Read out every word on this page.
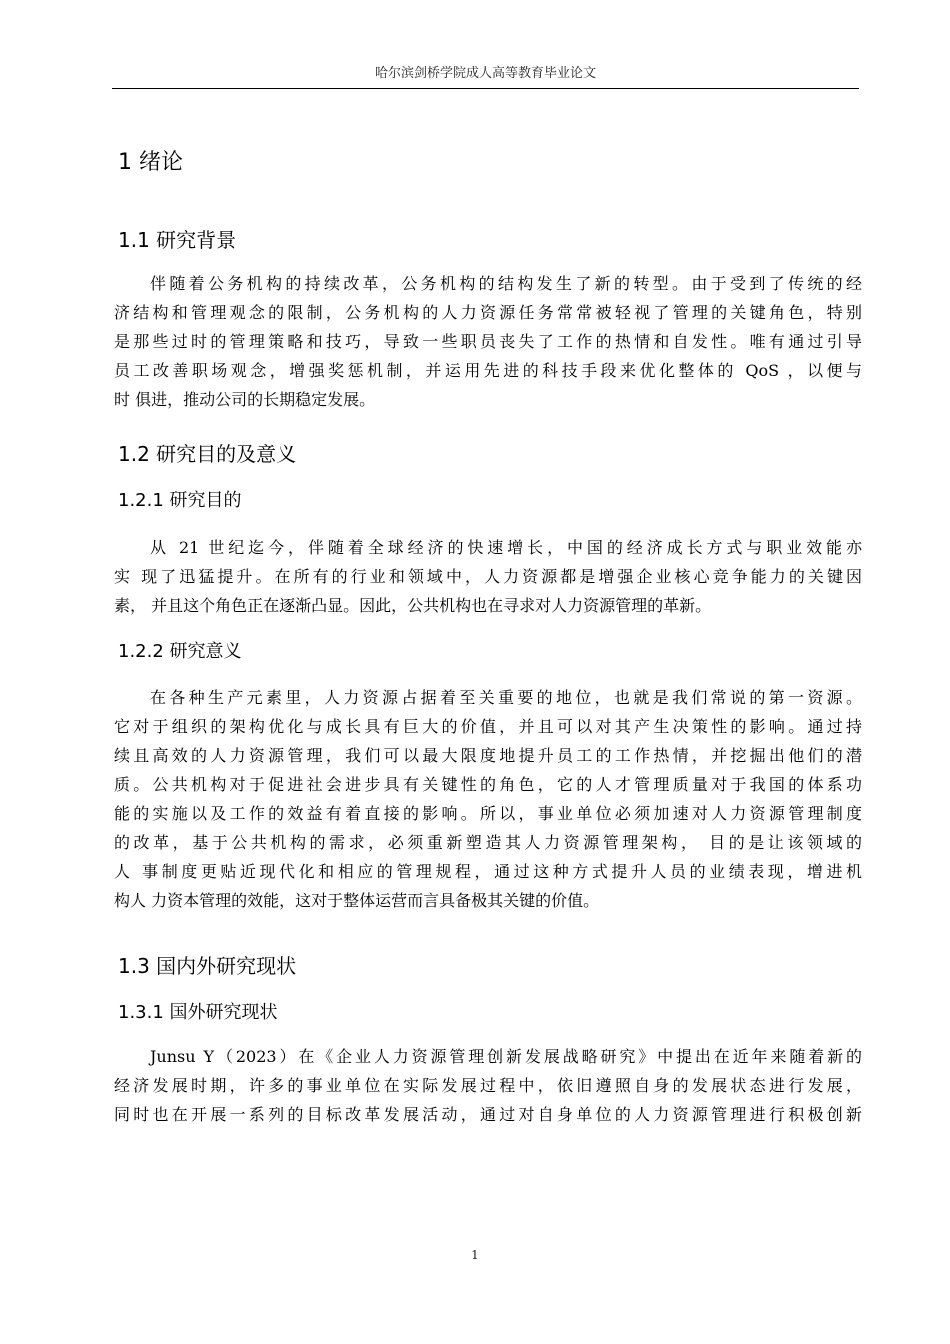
哈尔滨剑桥学院成人高等教育毕业论文
1 绪论
1.1 研究背景
伴随着公务机构的持续改革，公务机构的结构发生了新的转型。由于受到了传统的经
济结构和管理观念的限制，公务机构的人力资源任务常常被轻视了管理的关键角色，特别
是那些过时的管理策略和技巧，导致一些职员丧失了工作的热情和自发性。唯有通过引导
员工改善职场观念，增强奖惩机制，并运用先进的科技手段来优化整体的 QoS ，以便与
时 俱进，推动公司的长期稳定发展。
1.2 研究目的及意义
1.2.1 研究目的
从 21 世纪迄今，伴随着全球经济的快速增长，中国的经济成长方式与职业效能亦
实 现了迅猛提升。在所有的行业和领域中，人力资源都是增强企业核心竞争能力的关键因
素， 并且这个角色正在逐渐凸显。因此，公共机构也在寻求对人力资源管理的革新。
1.2.2 研究意义
在各种生产元素里，人力资源占据着至关重要的地位，也就是我们常说的第一资源。
它对于组织的架构优化与成长具有巨大的价值，并且可以对其产生决策性的影响。通过持
续且高效的人力资源管理，我们可以最大限度地提升员工的工作热情，并挖掘出他们的潜
质。公共机构对于促进社会进步具有关键性的角色，它的人才管理质量对于我国的体系功
能的实施以及工作的效益有着直接的影响。所以，事业单位必须加速对人力资源管理制度
的改革，基于公共机构的需求，必须重新塑造其人力资源管理架构， 目的是让该领域的
人 事制度更贴近现代化和相应的管理规程，通过这种方式提升人员的业绩表现，增进机
构人 力资本管理的效能，这对于整体运营而言具备极其关键的价值。
1.3 国内外研究现状
1.3.1 国外研究现状
Junsu Y（2023）在《企业人力资源管理创新发展战略研究》中提出在近年来随着新的
经济发展时期，许多的事业单位在实际发展过程中，依旧遵照自身的发展状态进行发展，
同时也在开展一系列的目标改革发展活动，通过对自身单位的人力资源管理进行积极创新
1
